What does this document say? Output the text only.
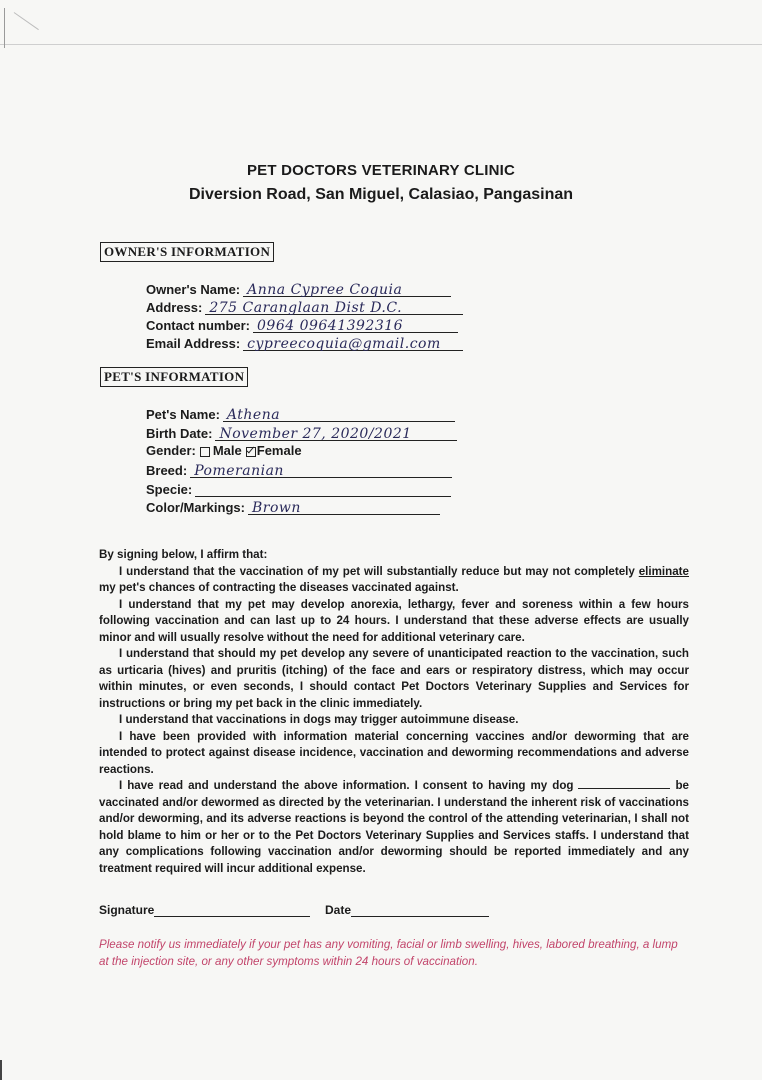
PET DOCTORS VETERINARY CLINIC
Diversion Road, San Miguel, Calasiao, Pangasinan
OWNER'S INFORMATION
Owner's Name: Anna Cypree Coquia
Address: 275 Caranglaan Dist D.C.
Contact number: 0964 09641392316
Email Address: cypreecoquia@gmail.com
PET'S INFORMATION
Pet's Name: Athena
Birth Date: November 27, 2020/2021
Gender: Male Female
Breed: Pomeranian
Specie:
Color/Markings: Brown

By signing below, I affirm that:

I understand that the vaccination of my pet will substantially reduce but may not completely eliminate my pet's chances of contracting the diseases vaccinated against.

I understand that my pet may develop anorexia, lethargy, fever and soreness within a few hours following vaccination and can last up to 24 hours. I understand that these adverse effects are usually minor and will usually resolve without the need for additional veterinary care.

I understand that should my pet develop any severe of unanticipated reaction to the vaccination, such as urticaria (hives) and pruritis (itching) of the face and ears or respiratory distress, which may occur within minutes, or even seconds, I should contact Pet Doctors Veterinary Supplies and Services for instructions or bring my pet back in the clinic immediately.

I understand that vaccinations in dogs may trigger autoimmune disease.

I have been provided with information material concerning vaccines and/or deworming that are intended to protect against disease incidence, vaccination and deworming recommendations and adverse reactions.

I have read and understand the above information. I consent to having my dog	be vaccinated and/or dewormed as directed by the veterinarian. I understand the inherent risk of vaccinations and/or deworming, and its adverse reactions is beyond the control of the attending veterinarian, I shall not hold blame to him or her or to the Pet Doctors Veterinary Supplies and Services staffs. I understand that any complications following vaccination and/or deworming should be reported immediately and any treatment required will incur additional expense.

Signature	Date
Please notify us immediately if your pet has any vomiting, facial or limb swelling, hives, labored breathing, a lump at the injection site, or any other symptoms within 24 hours of vaccination.
